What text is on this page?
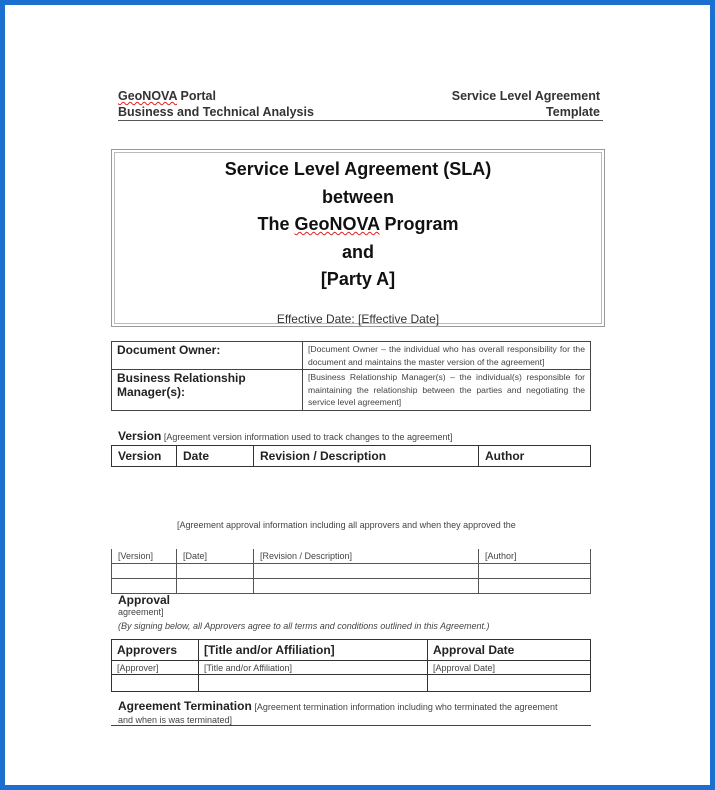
GeoNOVA Portal
Business and Technical Analysis
Service Level Agreement
Template
Service Level Agreement (SLA)
between
The GeoNOVA Program
and
[Party A]
Effective Date: [Effective Date]
Document Owner:	[Document Owner – the individual who has overall responsibility for the document and maintains the master version of the agreement]
Business Relationship Manager(s):	[Business Relationship Manager(s) – the individual(s) responsible for maintaining the relationship between the parties and negotiating the service level agreement]
Version [Agreement version information used to track changes to the agreement]
Version	Date	Revision / Description	Author
[Agreement approval information including all approvers and when they approved the
[Version]	[Date]	[Revision / Description]	[Author]

Approval
agreement]
(By signing below, all Approvers agree to all terms and conditions outlined in this Agreement.)
Approvers	[Title and/or Affiliation]	Approval Date
[Approver]	[Title and/or Affiliation]	[Approval Date]

Agreement Termination [Agreement termination information including who terminated the agreement and when is was terminated]
